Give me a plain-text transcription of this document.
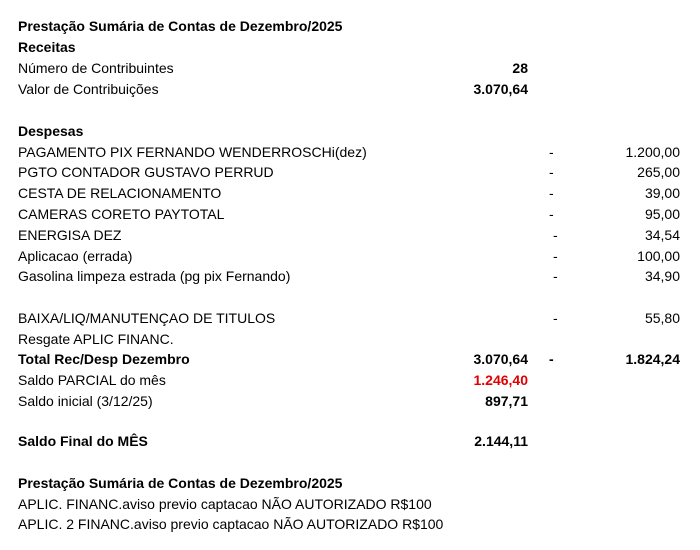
Prestação Sumária de Contas de Dezembro/2025
Receitas
Número de Contribuintes	28
Valor de Contribuições	3.070,64
Despesas
PAGAMENTO PIX FERNANDO WENDERROSCHi(dez)	-	1.200,00
PGTO CONTADOR GUSTAVO PERRUD	-	265,00
CESTA DE RELACIONAMENTO	-	39,00
CAMERAS CORETO PAYTOTAL	-	95,00
ENERGISA DEZ	-	34,54
Aplicacao (errada)	-	100,00
Gasolina limpeza estrada (pg pix Fernando)	-	34,90
BAIXA/LIQ/MANUTENÇAO DE TITULOS	-	55,80
Resgate APLIC FINANC.
Total Rec/Desp Dezembro	3.070,64 -	1.824,24
Saldo PARCIAL do mês	1.246,40
Saldo inicial (3/12/25)	897,71
Saldo Final do MÊS	2.144,11
Prestação Sumária de Contas de Dezembro/2025
APLIC. FINANC.aviso previo captacao NÃO AUTORIZADO R$100
APLIC. 2 FINANC.aviso previo captacao NÃO AUTORIZADO R$100
